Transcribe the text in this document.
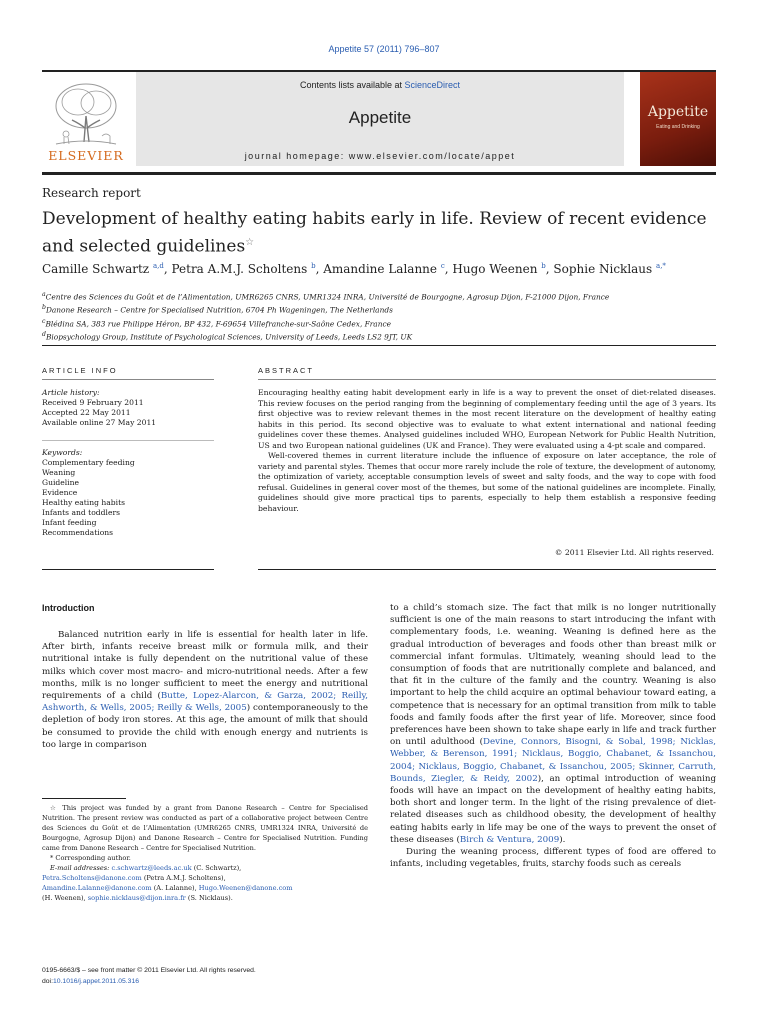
Appetite 57 (2011) 796–807
ELSEVIER
Contents lists available at ScienceDirect
Appetite
journal homepage: www.elsevier.com/locate/appet
Appetite
Eating and Drinking
Research report
Development of healthy eating habits early in life. Review of recent evidence and selected guidelines☆
Camille Schwartz $^{a,d}$, Petra A.M.J. Scholtens $^b$, Amandine Lalanne $^c$, Hugo Weenen $^b$, Sophie Nicklaus $^{a,*}$
$^a$Centre des Sciences du Goût et de l’Alimentation, UMR6265 CNRS, UMR1324 INRA, Université de Bourgogne, Agrosup Dijon, F-21000 Dijon, France
$^b$Danone Research – Centre for Specialised Nutrition, 6704 Ph Wageningen, The Netherlands
$^c$Blédina SA, 383 rue Philippe Héron, BP 432, F-69654 Villefranche-sur-Saône Cedex, France
$^d$Biopsychology Group, Institute of Psychological Sciences, University of Leeds, Leeds LS2 9JT, UK
ARTICLE INFO	ABSTRACT
Article history:
Received 9 February 2011
Accepted 22 May 2011
Available online 27 May 2011
Keywords:
Complementary feeding
Weaning
Guideline
Evidence
Healthy eating habits
Infants and toddlers
Infant feeding
Recommendations

Encouraging healthy eating habit development early in life is a way to prevent the onset of diet-related diseases. This review focuses on the period ranging from the beginning of complementary feeding until the age of 3 years. Its first objective was to review relevant themes in the most recent literature on the development of healthy eating habits in this period. Its second objective was to evaluate to what extent international and national feeding guidelines cover these themes. Analysed guidelines included WHO, European Network for Public Health Nutrition, US and two European national guidelines (UK and France). They were evaluated using a 4-pt scale and compared.

Well-covered themes in current literature include the influence of exposure on later acceptance, the role of variety and parental styles. Themes that occur more rarely include the role of texture, the development of autonomy, the optimization of variety, acceptable consumption levels of sweet and salty foods, and the way to cope with food refusal. Guidelines in general cover most of the themes, but some of the national guidelines are incomplete. Finally, guidelines should give more practical tips to parents, especially to help them establish a responsive feeding behaviour.

© 2011 Elsevier Ltd. All rights reserved.
Introduction

Balanced nutrition early in life is essential for health later in life. After birth, infants receive breast milk or formula milk, and their nutritional intake is fully dependent on the nutritional value of these milks which cover most macro- and micro-nutritional needs. After a few months, milk is no longer sufficient to meet the energy and nutritional requirements of a child (Butte, Lopez-Alarcon, & Garza, 2002; Reilly, Ashworth, & Wells, 2005; Reilly & Wells, 2005) contemporaneously to the depletion of body iron stores. At this age, the amount of milk that should be consumed to provide the child with enough energy and nutrients is too large in comparison

to a child’s stomach size. The fact that milk is no longer nutritionally sufficient is one of the main reasons to start introducing the infant with complementary foods, i.e. weaning. Weaning is defined here as the gradual introduction of beverages and foods other than breast milk or commercial infant formulas. Ultimately, weaning should lead to the consumption of foods that are nutritionally complete and balanced, and that fit in the culture of the family and the country. Weaning is also important to help the child acquire an optimal behaviour toward eating, a competence that is necessary for an optimal transition from milk to table foods and family foods after the first year of life. Moreover, since food preferences have been shown to take shape early in life and track further on until adulthood (Devine, Connors, Bisogni, & Sobal, 1998; Nicklas, Webber, & Berenson, 1991; Nicklaus, Boggio, Chabanet, & Issanchou, 2004; Nicklaus, Boggio, Chabanet, & Issanchou, 2005; Skinner, Carruth, Bounds, Ziegler, & Reidy, 2002), an optimal introduction of weaning foods will have an impact on the development of healthy eating habits, both short and longer term. In the light of the rising prevalence of diet-related diseases such as childhood obesity, the development of healthy eating habits early in life may be one of the ways to prevent the onset of these diseases (Birch & Ventura, 2009).

During the weaning process, different types of food are offered to infants, including vegetables, fruits, starchy foods such as cereals

☆ This project was funded by a grant from Danone Research – Centre for Specialised Nutrition. The present review was conducted as part of a collaborative project between Centre des Sciences du Goût et de l’Alimentation (UMR6265 CNRS, UMR1324 INRA, Université de Bourgogne, Agrosup Dijon) and Danone Research – Centre for Specialised Nutrition. Funding came from Danone Research – Centre for Specialised Nutrition.

* Corresponding author.

E-mail addresses: c.schwartz@leeds.ac.uk (C. Schwartz),
Petra.Scholtens@danone.com (Petra A.M.J. Scholtens),
Amandine.Lalanne@danone.com (A. Lalanne), Hugo.Weenen@danone.com
(H. Weenen), sophie.nicklaus@dijon.inra.fr (S. Nicklaus).

0195-6663/$ – see front matter © 2011 Elsevier Ltd. All rights reserved.
doi:10.1016/j.appet.2011.05.316
